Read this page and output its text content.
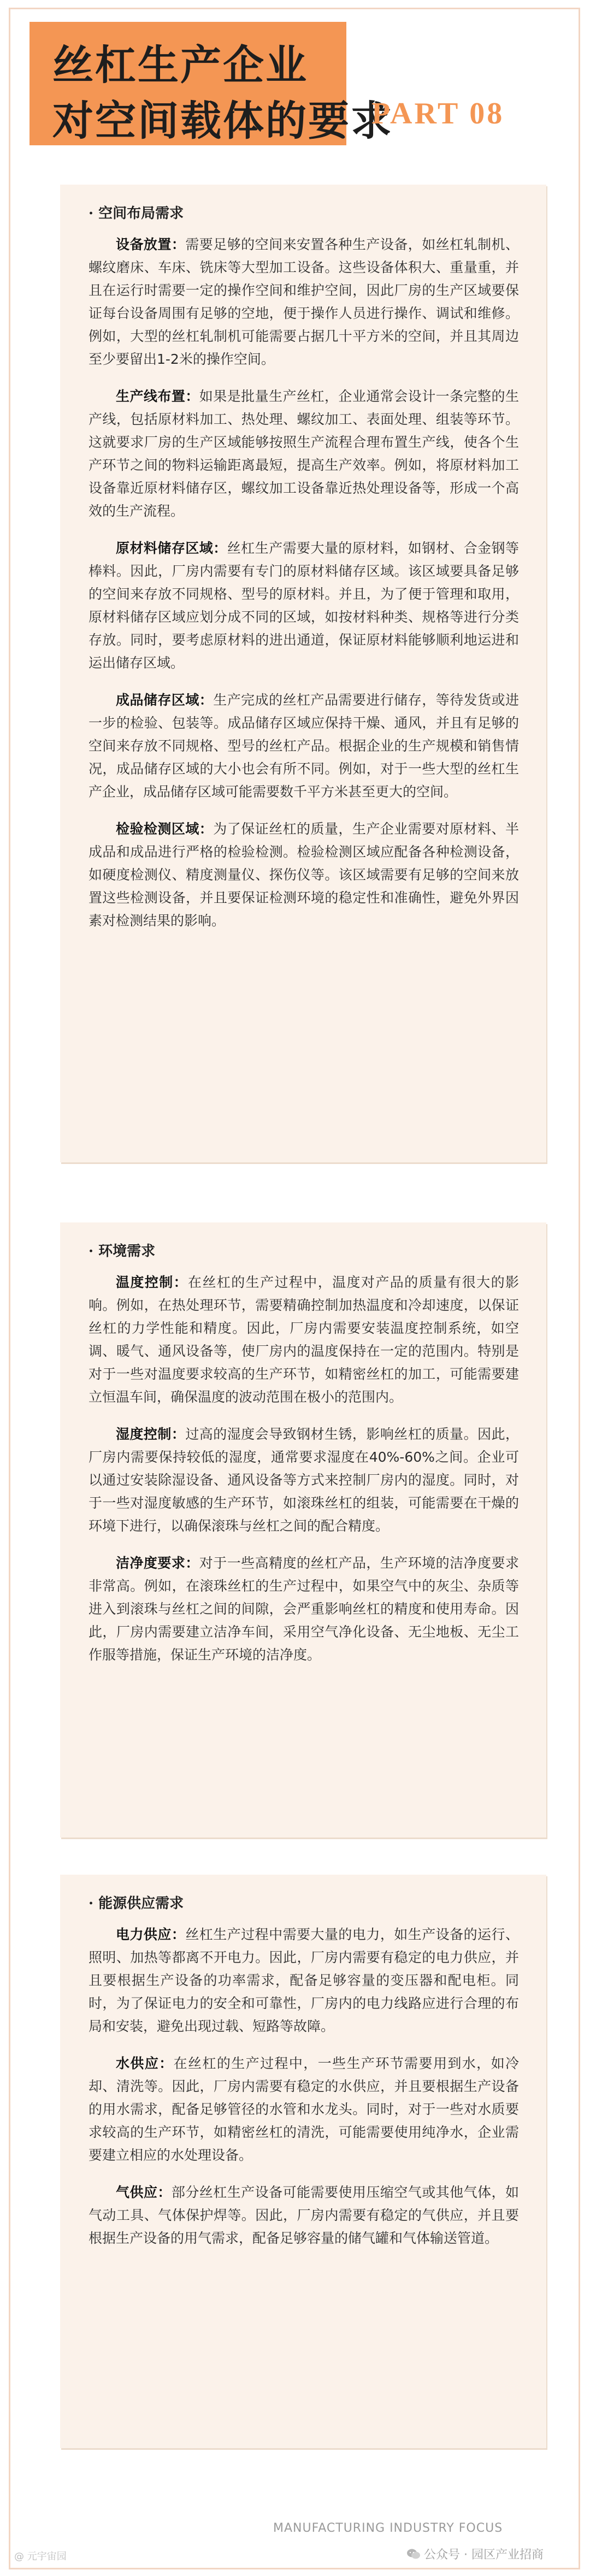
丝杠生产企业
对空间载体的要求
PART 08
· 空间布局需求

设备放置：需要足够的空间来安置各种生产设备，如丝杠轧制机、螺纹磨床、车床、铣床等大型加工设备。这些设备体积大、重量重，并且在运行时需要一定的操作空间和维护空间，因此厂房的生产区域要保证每台设备周围有足够的空地，便于操作人员进行操作、调试和维修。例如，大型的丝杠轧制机可能需要占据几十平方米的空间，并且其周边至少要留出1-2米的操作空间。

生产线布置：如果是批量生产丝杠，企业通常会设计一条完整的生产线，包括原材料加工、热处理、螺纹加工、表面处理、组装等环节。这就要求厂房的生产区域能够按照生产流程合理布置生产线，使各个生产环节之间的物料运输距离最短，提高生产效率。例如，将原材料加工设备靠近原材料储存区，螺纹加工设备靠近热处理设备等，形成一个高效的生产流程。

原材料储存区域：丝杠生产需要大量的原材料，如钢材、合金钢等棒料。因此，厂房内需要有专门的原材料储存区域。该区域要具备足够的空间来存放不同规格、型号的原材料。并且，为了便于管理和取用，原材料储存区域应划分成不同的区域，如按材料种类、规格等进行分类存放。同时，要考虑原材料的进出通道，保证原材料能够顺利地运进和运出储存区域。

成品储存区域：生产完成的丝杠产品需要进行储存，等待发货或进一步的检验、包装等。成品储存区域应保持干燥、通风，并且有足够的空间来存放不同规格、型号的丝杠产品。根据企业的生产规模和销售情况，成品储存区域的大小也会有所不同。例如，对于一些大型的丝杠生产企业，成品储存区域可能需要数千平方米甚至更大的空间。

检验检测区域：为了保证丝杠的质量，生产企业需要对原材料、半成品和成品进行严格的检验检测。检验检测区域应配备各种检测设备，如硬度检测仪、精度测量仪、探伤仪等。该区域需要有足够的空间来放置这些检测设备，并且要保证检测环境的稳定性和准确性，避免外界因素对检测结果的影响。

· 环境需求

温度控制：在丝杠的生产过程中，温度对产品的质量有很大的影响。例如，在热处理环节，需要精确控制加热温度和冷却速度，以保证丝杠的力学性能和精度。因此，厂房内需要安装温度控制系统，如空调、暖气、通风设备等，使厂房内的温度保持在一定的范围内。特别是对于一些对温度要求较高的生产环节，如精密丝杠的加工，可能需要建立恒温车间，确保温度的波动范围在极小的范围内。

湿度控制：过高的湿度会导致钢材生锈，影响丝杠的质量。因此，厂房内需要保持较低的湿度，通常要求湿度在40%-60%之间。企业可以通过安装除湿设备、通风设备等方式来控制厂房内的湿度。同时，对于一些对湿度敏感的生产环节，如滚珠丝杠的组装，可能需要在干燥的环境下进行，以确保滚珠与丝杠之间的配合精度。

洁净度要求：对于一些高精度的丝杠产品，生产环境的洁净度要求非常高。例如，在滚珠丝杠的生产过程中，如果空气中的灰尘、杂质等进入到滚珠与丝杠之间的间隙，会严重影响丝杠的精度和使用寿命。因此，厂房内需要建立洁净车间，采用空气净化设备、无尘地板、无尘工作服等措施，保证生产环境的洁净度。

· 能源供应需求

电力供应：丝杠生产过程中需要大量的电力，如生产设备的运行、照明、加热等都离不开电力。因此，厂房内需要有稳定的电力供应，并且要根据生产设备的功率需求，配备足够容量的变压器和配电柜。同时，为了保证电力的安全和可靠性，厂房内的电力线路应进行合理的布局和安装，避免出现过载、短路等故障。

水供应：在丝杠的生产过程中，一些生产环节需要用到水，如冷却、清洗等。因此，厂房内需要有稳定的水供应，并且要根据生产设备的用水需求，配备足够管径的水管和水龙头。同时，对于一些对水质要求较高的生产环节，如精密丝杠的清洗，可能需要使用纯净水，企业需要建立相应的水处理设备。

气供应：部分丝杠生产设备可能需要使用压缩空气或其他气体，如气动工具、气体保护焊等。因此，厂房内需要有稳定的气供应，并且要根据生产设备的用气需求，配备足够容量的储气罐和气体输送管道。

MANUFACTURING INDUSTRY FOCUS
@ 元宇宙园	公众号 · 园区产业招商
